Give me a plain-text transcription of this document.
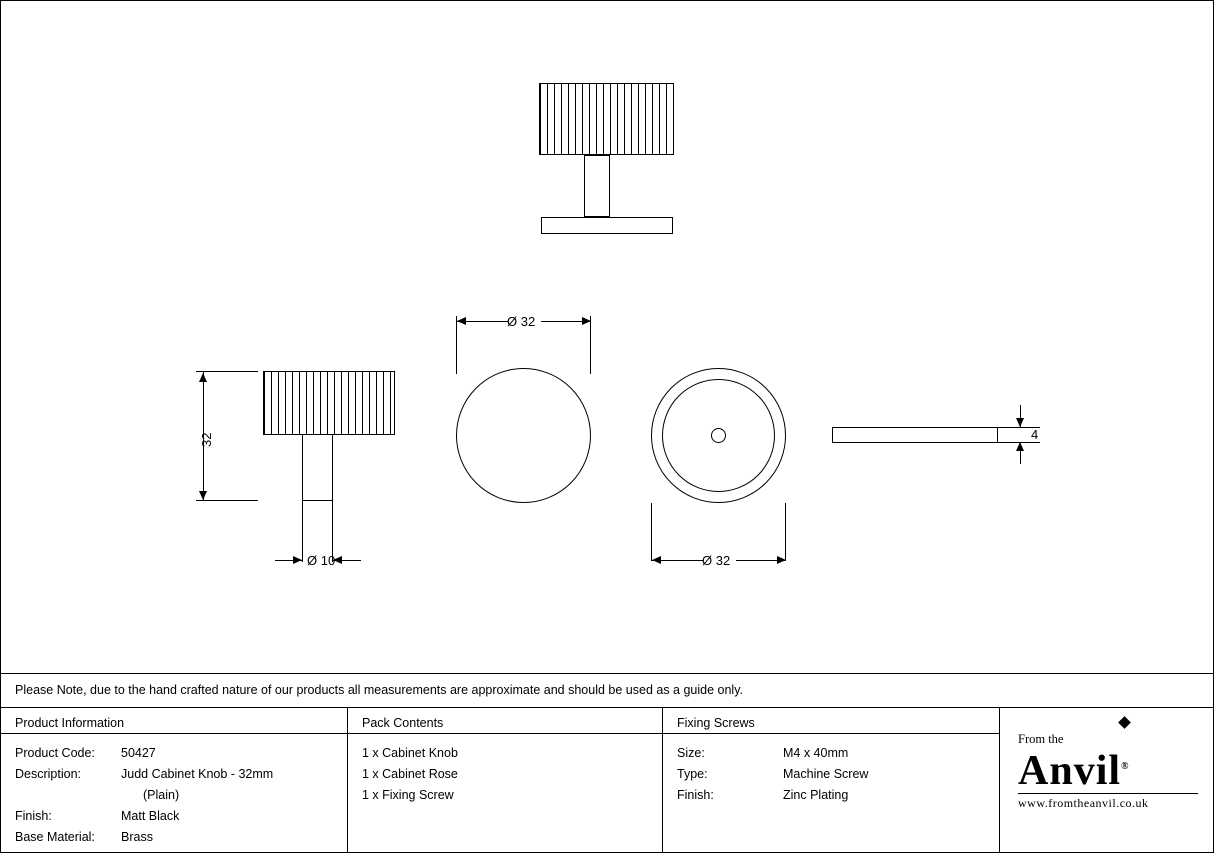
32
Ø 10
Ø 32
Ø 32
4
Please Note, due to the hand crafted nature of our products all measurements are approximate and should be used as a guide only.
Product Information
Product Code:	50427
Description:	Judd Cabinet Knob - 32mm
(Plain)
Finish:	Matt Black
Base Material:	Brass
Pack Contents
1 x Cabinet Knob
1 x Cabinet Rose
1 x Fixing Screw
Fixing Screws
Size:	M4 x 40mm
Type:	Machine Screw
Finish:	Zinc Plating
From the
Anvil®
www.fromtheanvil.co.uk
